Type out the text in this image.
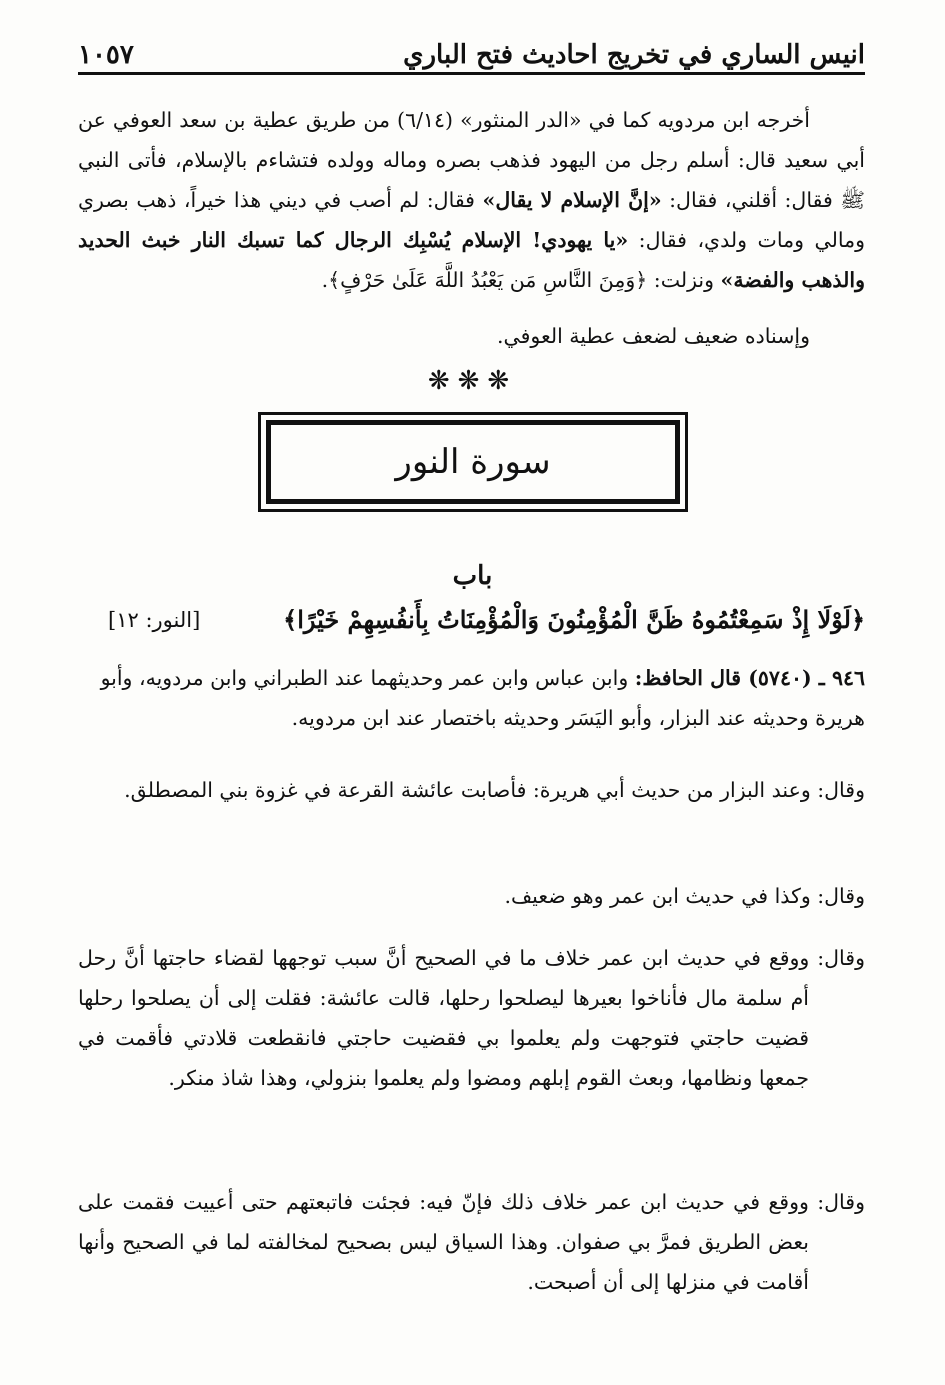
انيس الساري في تخريج احاديث فتح الباري
١٠٥٧

أخرجه ابن مردويه كما في «الدر المنثور» (٦/١٤) من طريق عطية بن سعد العوفي عن أبي سعيد قال: أسلم رجل من اليهود فذهب بصره وماله وولده فتشاءم بالإسلام، فأتى النبي ﷺ فقال: أقلني، فقال: «إنَّ الإسلام لا يقال» فقال: لم أصب في ديني هذا خيراً، ذهب بصري ومالي ومات ولدي، فقال: «يا يهودي! الإسلام يُسْبِك الرجال كما تسبك النار خبث الحديد والذهب والفضة» ونزلت: ﴿وَمِنَ النَّاسِ مَن يَعْبُدُ اللَّهَ عَلَىٰ حَرْفٍ﴾.

وإسناده ضعيف لضعف عطية العوفي.

❋❋❋
سورة النور
باب
﴿لَوْلَا إِذْ سَمِعْتُمُوهُ ظَنَّ الْمُؤْمِنُونَ وَالْمُؤْمِنَاتُ بِأَنفُسِهِمْ خَيْرًا﴾
[النور: ١٢]

٩٤٦ ـ (٥٧٤٠) قال الحافظ: وابن عباس وابن عمر وحديثهما عند الطبراني وابن مردويه، وأبو هريرة وحديثه عند البزار، وأبو اليَسَر وحديثه باختصار عند ابن مردويه.

وقال: وعند البزار من حديث أبي هريرة: فأصابت عائشة القرعة في غزوة بني المصطلق.

وقال: وكذا في حديث ابن عمر وهو ضعيف.

وقال: ووقع في حديث ابن عمر خلاف ما في الصحيح أنَّ سبب توجهها لقضاء حاجتها أنَّ رحل أم سلمة مال فأناخوا بعيرها ليصلحوا رحلها، قالت عائشة: فقلت إلى أن يصلحوا رحلها قضيت حاجتي فتوجهت ولم يعلموا بي فقضيت حاجتي فانقطعت قلادتي فأقمت في جمعها ونظامها، وبعث القوم إبلهم ومضوا ولم يعلموا بنزولي، وهذا شاذ منكر.

وقال: ووقع في حديث ابن عمر خلاف ذلك فإنّ فيه: فجئت فاتبعتهم حتى أعييت فقمت على بعض الطريق فمرَّ بي صفوان. وهذا السياق ليس بصحيح لمخالفته لما في الصحيح وأنها أقامت في منزلها إلى أن أصبحت.
